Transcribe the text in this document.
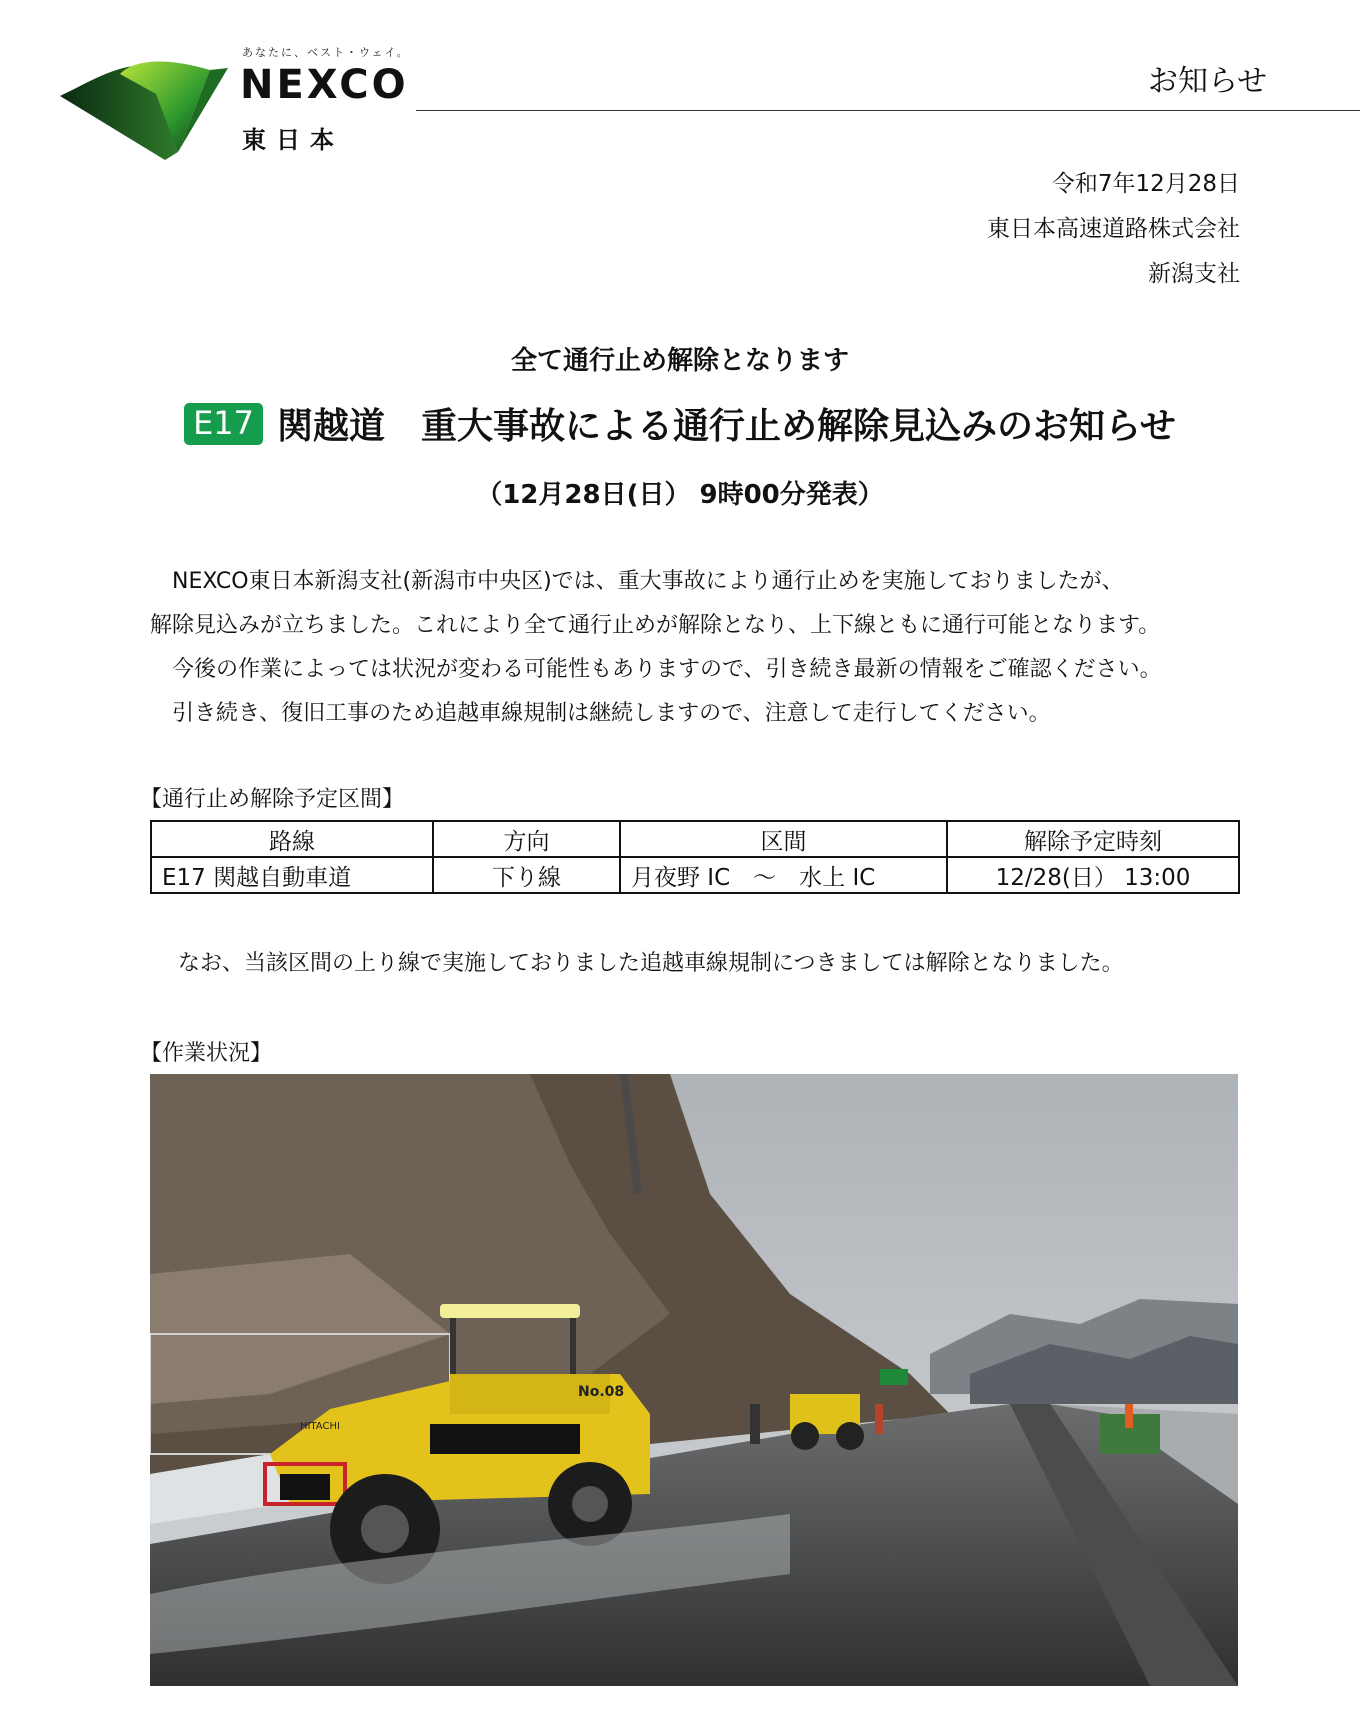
あなたに、ベスト・ウェイ。
NEXCO
東日本
お知らせ
令和7年12月28日
東日本高速道路株式会社
新潟支社
全て通行止め解除となります
E17 関越道　重大事故による通行止め解除見込みのお知らせ
（12月28日(日） 9時00分発表）

　NEXCO東日本新潟支社(新潟市中央区)では、重大事故により通行止めを実施しておりましたが、

解除見込みが立ちました。これにより全て通行止めが解除となり、上下線ともに通行可能となります。

　今後の作業によっては状況が変わる可能性もありますので、引き続き最新の情報をご確認ください。

　引き続き、復旧工事のため追越車線規制は継続しますので、注意して走行してください。

【通行止め解除予定区間】
路線	方向	区間	解除予定時刻
E17 関越自動車道	下り線	月夜野 IC　～　水上 IC	12/28(日） 13:00
なお、当該区間の上り線で実施しておりました追越車線規制につきましては解除となりました。
【作業状況】
HITACHI
No.08
